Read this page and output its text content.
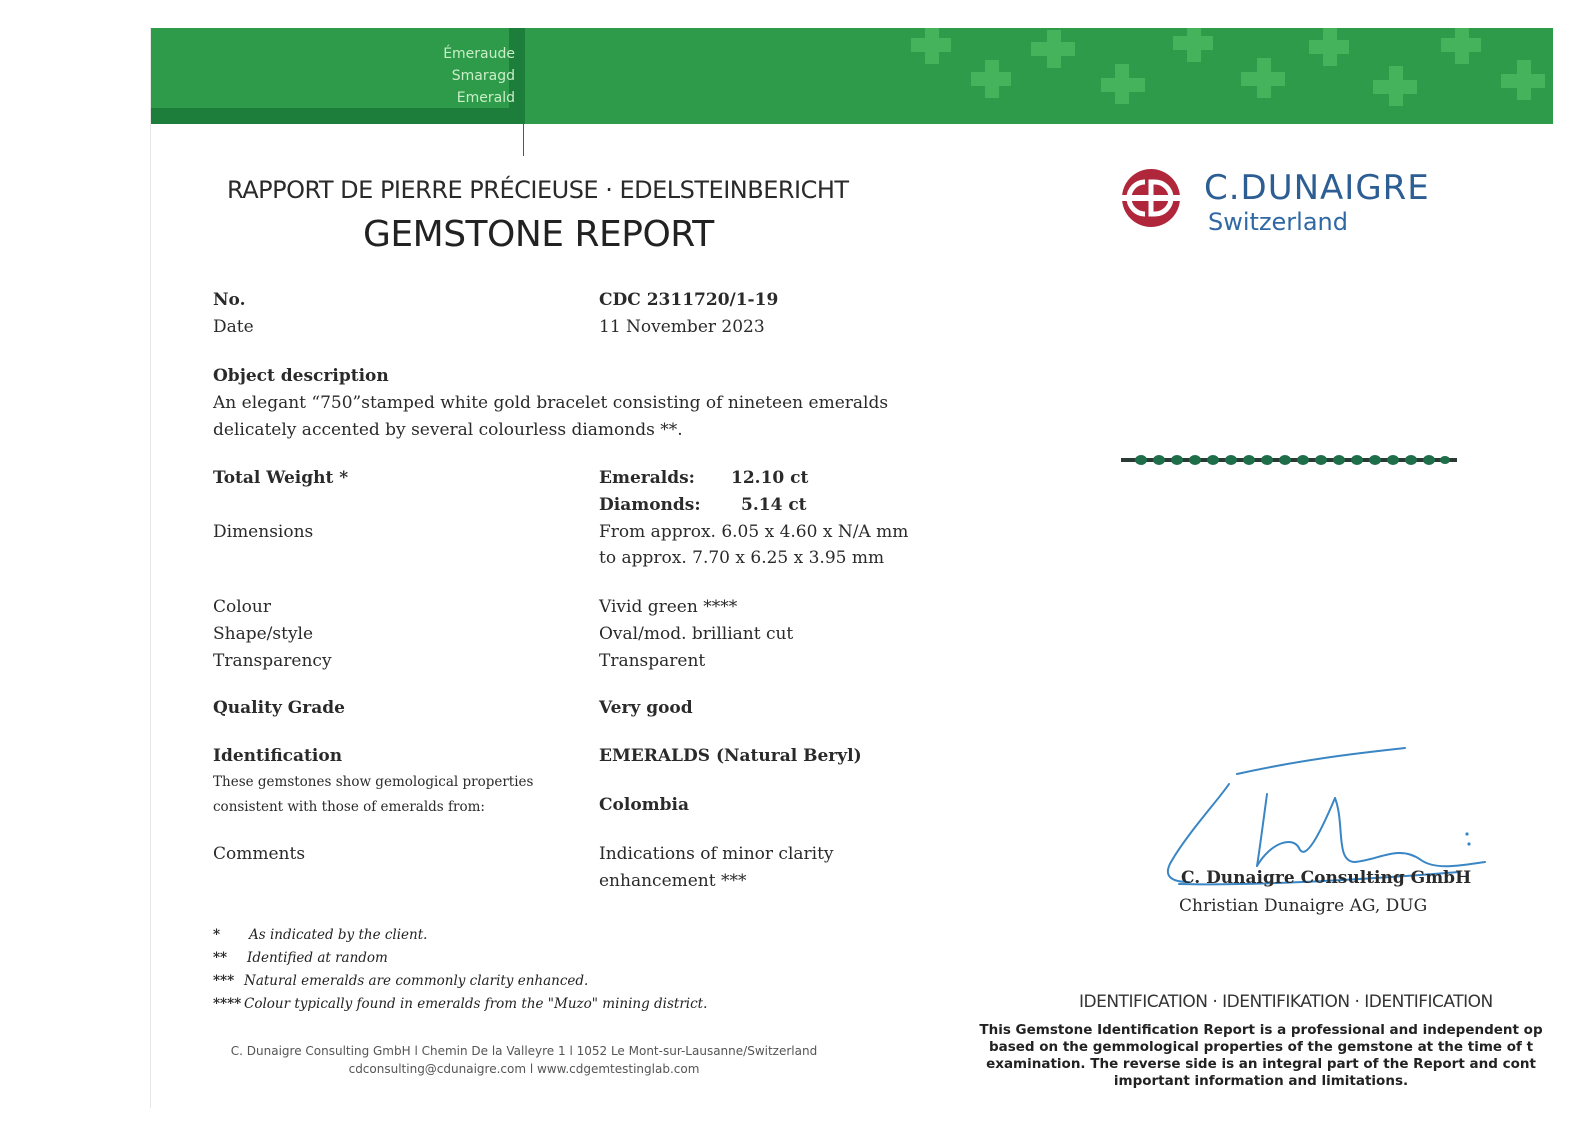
Émeraude
Smaragd
Emerald
RAPPORT DE PIERRE PRÉCIEUSE · EDELSTEINBERICHT
GEMSTONE REPORT
C.DUNAIGRE
Switzerland
No.	CDC 2311720/1-19
Date	11 November 2023
Object description
An elegant “750”stamped white gold bracelet consisting of nineteen emeralds
delicately accented by several colourless diamonds **.
Total Weight *	Emeralds: 12.10 ct
Diamonds: 5.14 ct
Dimensions	From approx. 6.05 x 4.60 x N/A mm
to approx. 7.70 x 6.25 x 3.95 mm
Colour	Vivid green ****
Shape/style	Oval/mod. brilliant cut
Transparency	Transparent
Quality Grade	Very good
Identification	EMERALDS (Natural Beryl)
These gemstones show gemological properties
consistent with those of emeralds from:	Colombia
Comments	Indications of minor clarity
enhancement ***
* As indicated by the client.
** Identified at random
*** Natural emeralds are commonly clarity enhanced.
**** Colour typically found in emeralds from the "Muzo" mining district.
C. Dunaigre Consulting GmbH l Chemin De la Valleyre 1 l 1052 Le Mont-sur-Lausanne/Switzerland
cdconsulting@cdunaigre.com l www.cdgemtestinglab.com
C. Dunaigre Consulting GmbH
Christian Dunaigre AG, DUG
IDENTIFICATION · IDENTIFIKATION · IDENTIFICATION
This Gemstone Identification Report is a professional and independent op
based on the gemmological properties of the gemstone at the time of t
examination. The reverse side is an integral part of the Report and cont
important information and limitations.
